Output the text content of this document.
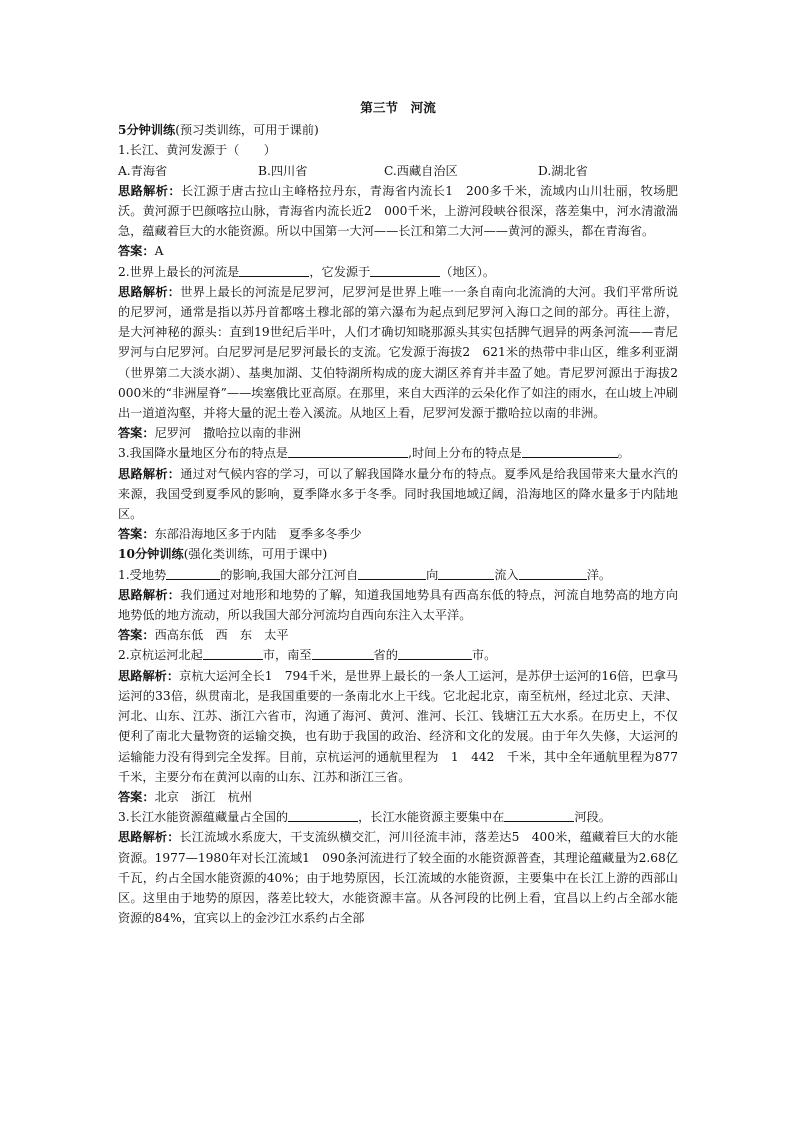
第三节　河流

5分钟训练(预习类训练，可用于课前)

1.长江、黄河发源于（　　）

A.青海省	B.四川省	C.西藏自治区	D.湖北省

思路解析：长江源于唐古拉山主峰格拉丹东，青海省内流长1　200多千米，流域内山川壮丽，牧场肥沃。黄河源于巴颜喀拉山脉，青海省内流长近2　000千米，上游河段峡谷很深，落差集中，河水清澈湍急，蕴藏着巨大的水能资源。所以中国第一大河——长江和第二大河——黄河的源头，都在青海省。

答案：A

2.世界上最长的河流是	，它发源于	（地区）。

思路解析：世界上最长的河流是尼罗河，尼罗河是世界上唯一一条自南向北流淌的大河。我们平常所说的尼罗河，通常是指以苏丹首都喀土穆北部的第六瀑布为起点到尼罗河入海口之间的部分。再往上游，是大河神秘的源头：直到19世纪后半叶，人们才确切知晓那源头其实包括脾气迥异的两条河流——青尼罗河与白尼罗河。白尼罗河是尼罗河最长的支流。它发源于海拔2　621米的热带中非山区，维多利亚湖（世界第二大淡水湖）、基奥加湖、艾伯特湖所构成的庞大湖区养育并丰盈了她。青尼罗河源出于海拔2　000米的“非洲屋脊”——埃塞俄比亚高原。在那里，来自大西洋的云朵化作了如注的雨水，在山坡上冲刷出一道道沟壑，并将大量的泥土卷入溪流。从地区上看，尼罗河发源于撒哈拉以南的非洲。

答案：尼罗河　撒哈拉以南的非洲

3.我国降水量地区分布的特点是	,时间上分布的特点是	。

思路解析：通过对气候内容的学习，可以了解我国降水量分布的特点。夏季风是给我国带来大量水汽的来源，我国受到夏季风的影响，夏季降水多于冬季。同时我国地域辽阔，沿海地区的降水量多于内陆地区。

答案：东部沿海地区多于内陆　夏季多冬季少

10分钟训练(强化类训练，可用于课中)

1.受地势	的影响,我国大部分江河自	向	流入	洋。

思路解析：我们通过对地形和地势的了解，知道我国地势具有西高东低的特点，河流自地势高的地方向地势低的地方流动，所以我国大部分河流均自西向东注入太平洋。

答案：西高东低　西　东　太平

2.京杭运河北起	市，南至	省的	市。

思路解析：京杭大运河全长1　794千米，是世界上最长的一条人工运河，是苏伊士运河的16倍，巴拿马运河的33倍，纵贯南北，是我国重要的一条南北水上干线。它北起北京，南至杭州，经过北京、天津、河北、山东、江苏、浙江六省市，沟通了海河、黄河、淮河、长江、钱塘江五大水系。在历史上，不仅便利了南北大量物资的运输交换，也有助于我国的政治、经济和文化的发展。由于年久失修，大运河的运输能力没有得到完全发挥。目前，京杭运河的通航里程为　1　442　千米，其中全年通航里程为877千米，主要分布在黄河以南的山东、江苏和浙江三省。

答案：北京　浙江　杭州

3.长江水能资源蕴藏量占全国的	，长江水能资源主要集中在	河段。

思路解析：长江流域水系庞大，干支流纵横交汇，河川径流丰沛，落差达5　400米，蕴藏着巨大的水能资源。1977—1980年对长江流域1　090条河流进行了较全面的水能资源普查，其理论蕴藏量为2.68亿千瓦，约占全国水能资源的40%；由于地势原因，长江流域的水能资源，主要集中在长江上游的西部山区。这里由于地势的原因，落差比较大，水能资源丰富。从各河段的比例上看，宜昌以上约占全部水能资源的84%，宜宾以上的金沙江水系约占全部
